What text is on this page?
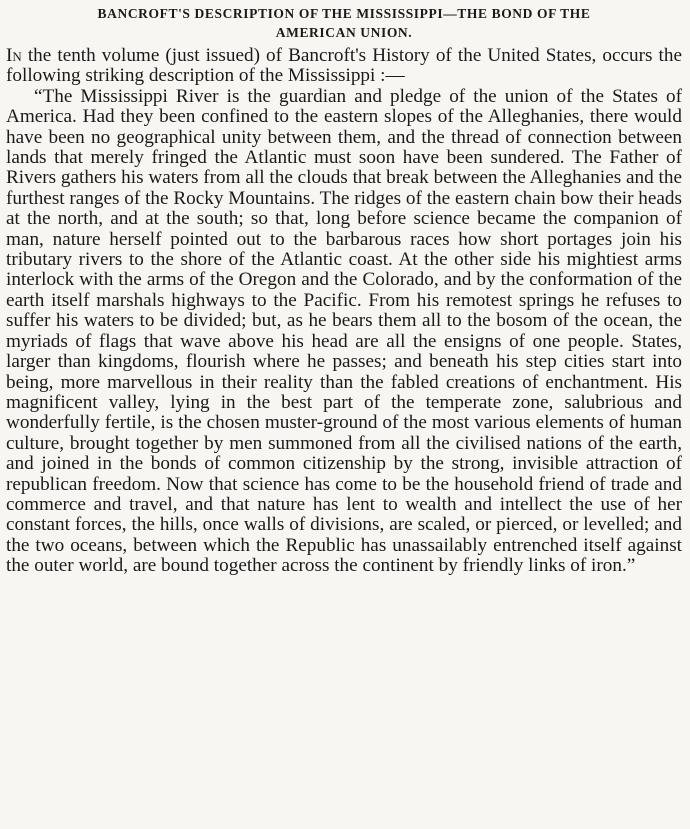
BANCROFT'S DESCRIPTION OF THE MISSISSIPPI—THE BOND OF THE
AMERICAN UNION.

In the tenth volume (just issued) of Bancroft's History of the United States, occurs the following striking description of the Mississippi :—

“The Mississippi River is the guardian and pledge of the union of the States of America. Had they been confined to the eastern slopes of the Alleghanies, there would have been no geographical unity between them, and the thread of connection between lands that merely fringed the Atlantic must soon have been sundered. The Father of Rivers gathers his waters from all the clouds that break between the Alleghanies and the furthest ranges of the Rocky Mountains. The ridges of the eastern chain bow their heads at the north, and at the south; so that, long before science became the companion of man, nature herself pointed out to the barbarous races how short portages join his tributary rivers to the shore of the Atlantic coast. At the other side his mightiest arms interlock with the arms of the Oregon and the Colorado, and by the conformation of the earth itself marshals highways to the Pacific. From his remotest springs he refuses to suffer his waters to be divided; but, as he bears them all to the bosom of the ocean, the myriads of flags that wave above his head are all the ensigns of one people. States, larger than kingdoms, flourish where he passes; and beneath his step cities start into being, more marvellous in their reality than the fabled creations of enchantment. His magnificent valley, lying in the best part of the temperate zone, salubrious and wonderfully fertile, is the chosen muster-ground of the most various elements of human culture, brought together by men summoned from all the civilised nations of the earth, and joined in the bonds of common citizenship by the strong, invisible attraction of republican freedom. Now that science has come to be the household friend of trade and commerce and travel, and that nature has lent to wealth and intellect the use of her constant forces, the hills, once walls of divisions, are scaled, or pierced, or levelled; and the two oceans, between which the Republic has unassailably entrenched itself against the outer world, are bound together across the continent by friendly links of iron.”
